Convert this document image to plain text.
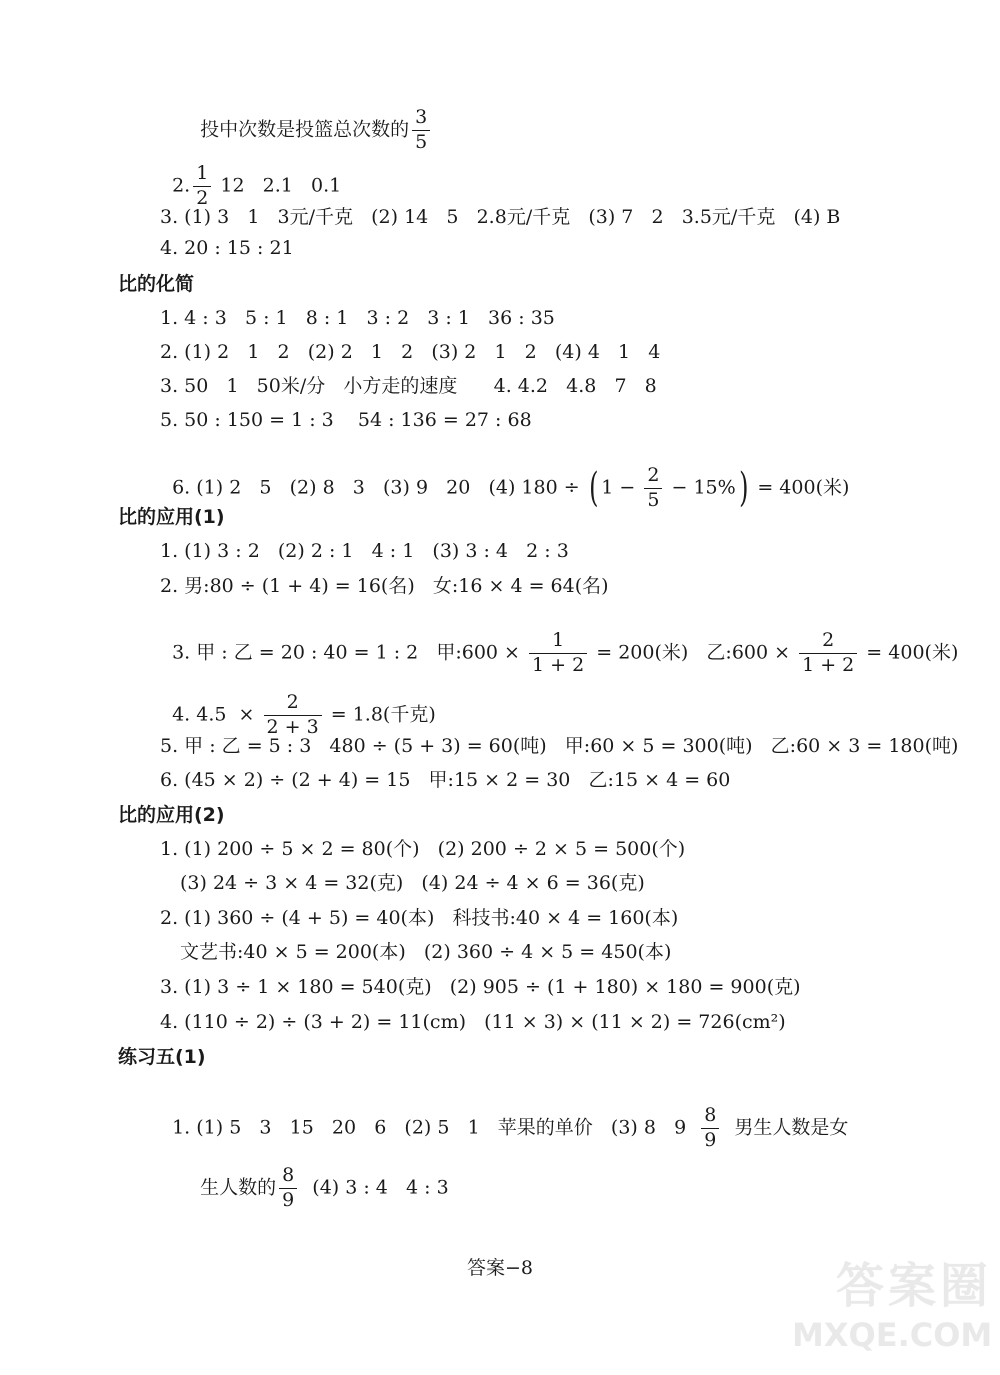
投中次数是投篮总次数的 $\frac{3}{5}$

2. $\frac{1}{2} 12$   2.1   0.1

3. (1) 3   1   3元/千克   (2) 14   5   2.8元/千克   (3) 7   2   3.5元/千克   (4) B
4. 20 : 15 : 21
比的化简
1. 4 : 3   5 : 1   8 : 1   3 : 2   3 : 1   36 : 35
2. (1) 2   1   2   (2) 2   1   2   (3) 2   1   2   (4) 4   1   4
3. 50   1   50米/分   小方走的速度      4. 4.2   4.8   7   8
5. 50 : 150 = 1 : 3    54 : 136 = 27 : 68

6. (1) 2   5   (2) 8   3   (3) 9   20   (4) 180 ÷ ( $1 - \frac{2}{5} - 15\%) = 400$(米)

比的应用(1)
1. (1) 3 : 2   (2) 2 : 1   4 : 1   (3) 3 : 4   2 : 3
2. 男:80 ÷ (1 + 4) = 16(名)   女:16 × 4 = 64(名)

3. 甲 : 乙 = 20 : 40 = 1 : 2   甲:600 × $\frac{1}{1 + 2} = 200$(米)   乙:600 × $\frac{2}{1 + 2} = 400$(米)

4. $4.5 \times \frac{2}{2 + 3} = 1.8$(千克)

5. 甲 : 乙 = 5 : 3   480 ÷ (5 + 3) = 60(吨)   甲:60 × 5 = 300(吨)   乙:60 × 3 = 180(吨)
6. (45 × 2) ÷ (2 + 4) = 15   甲:15 × 2 = 30   乙:15 × 4 = 60
比的应用(2)
1. (1) 200 ÷ 5 × 2 = 80(个)   (2) 200 ÷ 2 × 5 = 500(个)
(3) 24 ÷ 3 × 4 = 32(克)   (4) 24 ÷ 4 × 6 = 36(克)
2. (1) 360 ÷ (4 + 5) = 40(本)   科技书:40 × 4 = 160(本)
文艺书:40 × 5 = 200(本)   (2) 360 ÷ 4 × 5 = 450(本)
3. (1) 3 ÷ 1 × 180 = 540(克)   (2) 905 ÷ (1 + 180) × 180 = 900(克)
4. (110 ÷ 2) ÷ (3 + 2) = 11(cm)   (11 × 3) × (11 × 2) = 726(cm²)
练习五(1)

1. (1) 5   3   15   20   6   (2) 5   1   苹果的单价   (3) 8   $9 \frac{8}{9}$ 男生人数是女

生人数的 $\frac{8}{9} (4)$ 3 : 4   4 : 3

答案−8	答案圈
MXQE.COM
